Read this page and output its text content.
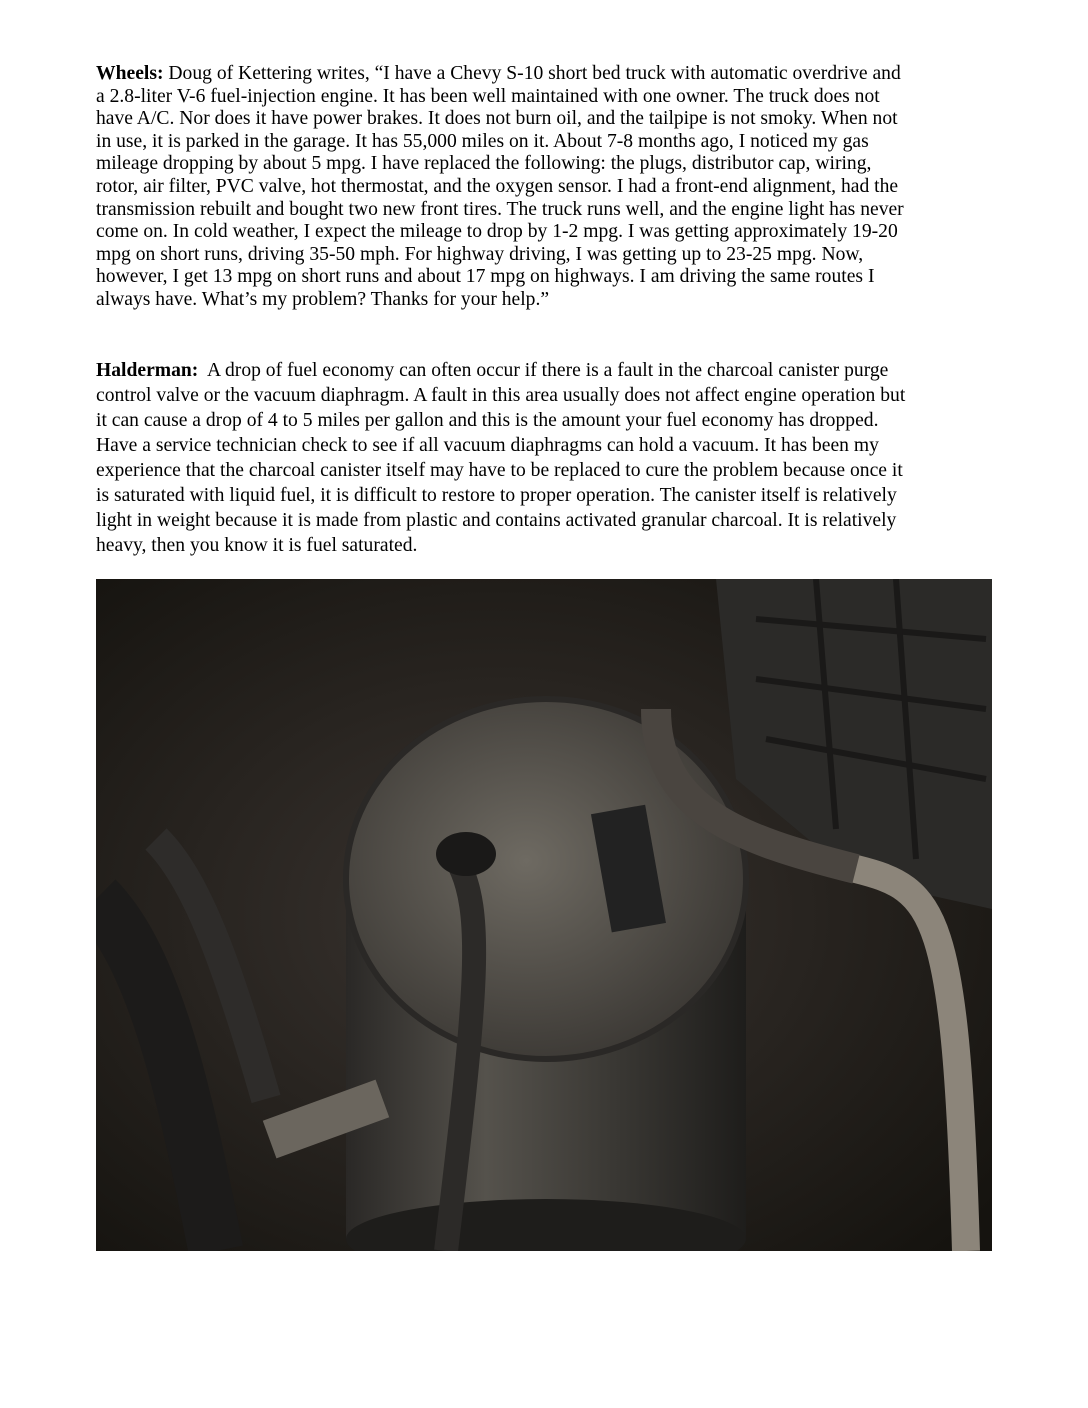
Wheels: Doug of Kettering writes, “I have a Chevy S-10 short bed truck with automatic overdrive and
a 2.8-liter V-6 fuel-injection engine. It has been well maintained with one owner. The truck does not
have A/C. Nor does it have power brakes. It does not burn oil, and the tailpipe is not smoky. When not
in use, it is parked in the garage. It has 55,000 miles on it. About 7-8 months ago, I noticed my gas
mileage dropping by about 5 mpg. I have replaced the following: the plugs, distributor cap, wiring,
rotor, air filter, PVC valve, hot thermostat, and the oxygen sensor. I had a front-end alignment, had the
transmission rebuilt and bought two new front tires. The truck runs well, and the engine light has never
come on. In cold weather, I expect the mileage to drop by 1-2 mpg. I was getting approximately 19-20
mpg on short runs, driving 35-50 mph. For highway driving, I was getting up to 23-25 mpg. Now,
however, I get 13 mpg on short runs and about 17 mpg on highways. I am driving the same routes I
always have. What’s my problem? Thanks for your help.”
Halderman:  A drop of fuel economy can often occur if there is a fault in the charcoal canister purge
control valve or the vacuum diaphragm. A fault in this area usually does not affect engine operation but
it can cause a drop of 4 to 5 miles per gallon and this is the amount your fuel economy has dropped.
Have a service technician check to see if all vacuum diaphragms can hold a vacuum. It has been my
experience that the charcoal canister itself may have to be replaced to cure the problem because once it
is saturated with liquid fuel, it is difficult to restore to proper operation. The canister itself is relatively
light in weight because it is made from plastic and contains activated granular charcoal. It is relatively
heavy, then you know it is fuel saturated.
